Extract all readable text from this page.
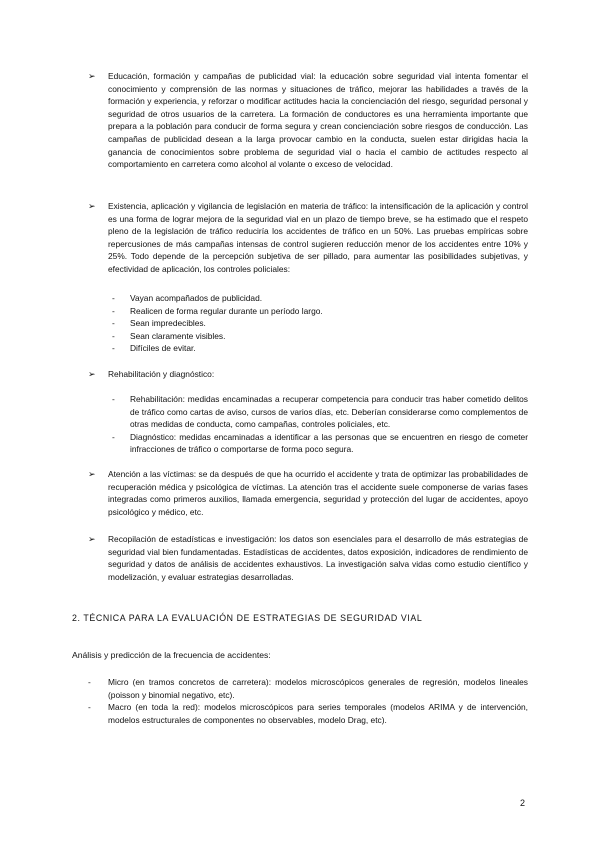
➢	Educación, formación y campañas de publicidad vial: la educación sobre seguridad vial intenta fomentar el conocimiento y comprensión de las normas y situaciones de tráfico, mejorar las habilidades a través de la formación y experiencia, y reforzar o modificar actitudes hacia la concienciación del riesgo, seguridad personal y seguridad de otros usuarios de la carretera. La formación de conductores es una herramienta importante que prepara a la población para conducir de forma segura y crean concienciación sobre riesgos de conducción. Las campañas de publicidad desean a la larga provocar cambio en la conducta, suelen estar dirigidas hacia la ganancia de conocimientos sobre problema de seguridad vial o hacia el cambio de actitudes respecto al comportamiento en carretera como alcohol al volante o exceso de velocidad.
➢	Existencia, aplicación y vigilancia de legislación en materia de tráfico: la intensificación de la aplicación y control es una forma de lograr mejora de la seguridad vial en un plazo de tiempo breve, se ha estimado que el respeto pleno de la legislación de tráfico reduciría los accidentes de tráfico en un 50%. Las pruebas empíricas sobre repercusiones de más campañas intensas de control sugieren reducción menor de los accidentes entre 10% y 25%. Todo depende de la percepción subjetiva de ser pillado, para aumentar las posibilidades subjetivas, y efectividad de aplicación, los controles policiales:
- Vayan acompañados de publicidad.
- Realicen de forma regular durante un período largo.
- Sean impredecibles.
- Sean claramente visibles.
- Difíciles de evitar.
➢	Rehabilitación y diagnóstico:
- Rehabilitación: medidas encaminadas a recuperar competencia para conducir tras haber cometido delitos de tráfico como cartas de aviso, cursos de varios días, etc. Deberían considerarse como complementos de otras medidas de conducta, como campañas, controles policiales, etc.
- Diagnóstico: medidas encaminadas a identificar a las personas que se encuentren en riesgo de cometer infracciones de tráfico o comportarse de forma poco segura.
➢	Atención a las víctimas: se da después de que ha ocurrido el accidente y trata de optimizar las probabilidades de recuperación médica y psicológica de víctimas. La atención tras el accidente suele componerse de varias fases integradas como primeros auxilios, llamada emergencia, seguridad y protección del lugar de accidentes, apoyo psicológico y médico, etc.
➢	Recopilación de estadísticas e investigación: los datos son esenciales para el desarrollo de más estrategias de seguridad vial bien fundamentadas. Estadísticas de accidentes, datos exposición, indicadores de rendimiento de seguridad y datos de análisis de accidentes exhaustivos. La investigación salva vidas como estudio científico y modelización, y evaluar estrategias desarrolladas.
2. TÉCNICA PARA LA EVALUACIÓN DE ESTRATEGIAS DE SEGURIDAD VIAL
Análisis y predicción de la frecuencia de accidentes:
- Micro (en tramos concretos de carretera): modelos microscópicos generales de regresión, modelos lineales (poisson y binomial negativo, etc).
- Macro (en toda la red): modelos microscópicos para series temporales (modelos ARIMA y de intervención, modelos estructurales de componentes no observables, modelo Drag, etc).
2
